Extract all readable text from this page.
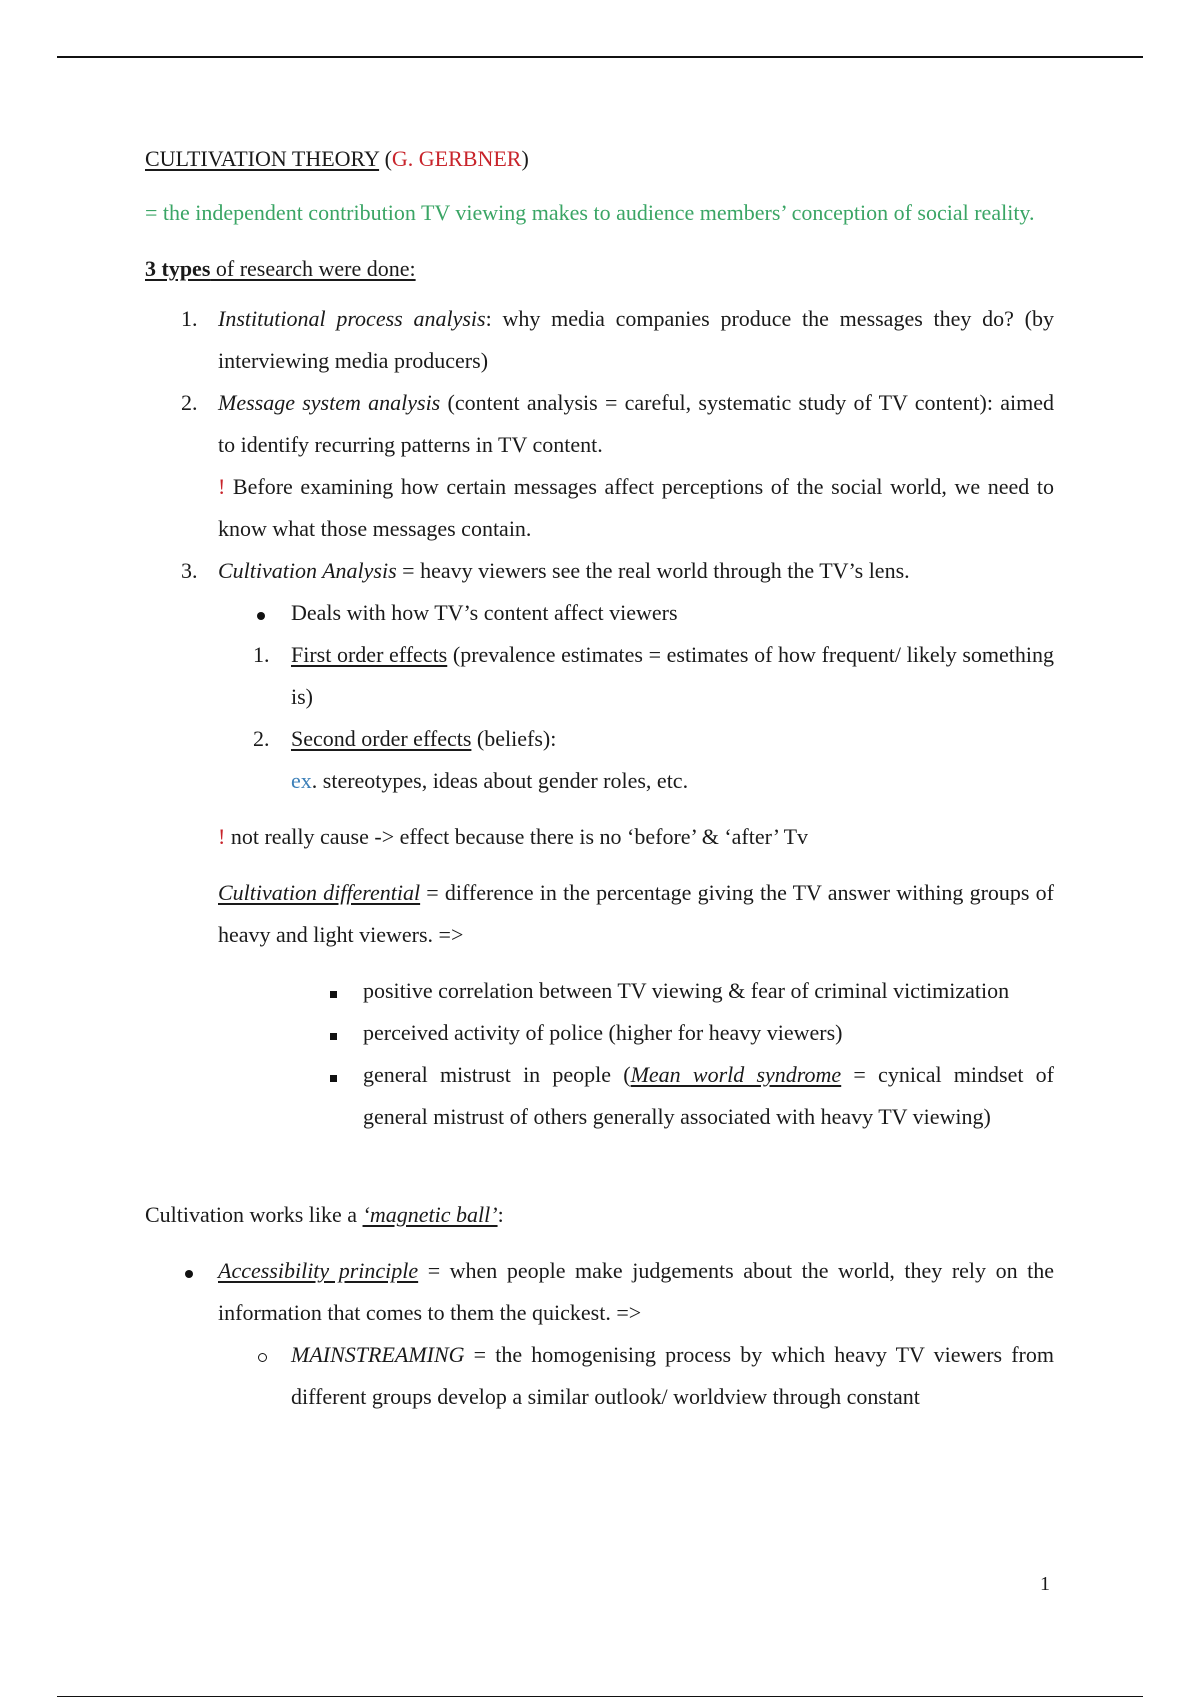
CULTIVATION THEORY (G. GERBNER)
= the independent contribution TV viewing makes to audience members’ conception of social reality.
3 types of research were done:
1. Institutional process analysis: why media companies produce the messages they do? (by interviewing media producers)
2. Message system analysis (content analysis = careful, systematic study of TV content): aimed to identify recurring patterns in TV content.
! Before examining how certain messages affect perceptions of the social world, we need to know what those messages contain.
3. Cultivation Analysis = heavy viewers see the real world through the TV’s lens.
Deals with how TV’s content affect viewers
1. First order effects (prevalence estimates = estimates of how frequent/ likely something is)
2. Second order effects (beliefs):
ex. stereotypes, ideas about gender roles, etc.
! not really cause -> effect because there is no ‘before’ & ‘after’ Tv
Cultivation differential = difference in the percentage giving the TV answer withing groups of heavy and light viewers. =>
positive correlation between TV viewing & fear of criminal victimization
perceived activity of police (higher for heavy viewers)
general mistrust in people (Mean world syndrome = cynical mindset of general mistrust of others generally associated with heavy TV viewing)
Cultivation works like a ‘magnetic ball’:
Accessibility principle = when people make judgements about the world, they rely on the information that comes to them the quickest. =>
MAINSTREAMING = the homogenising process by which heavy TV viewers from different groups develop a similar outlook/ worldview through constant
1
